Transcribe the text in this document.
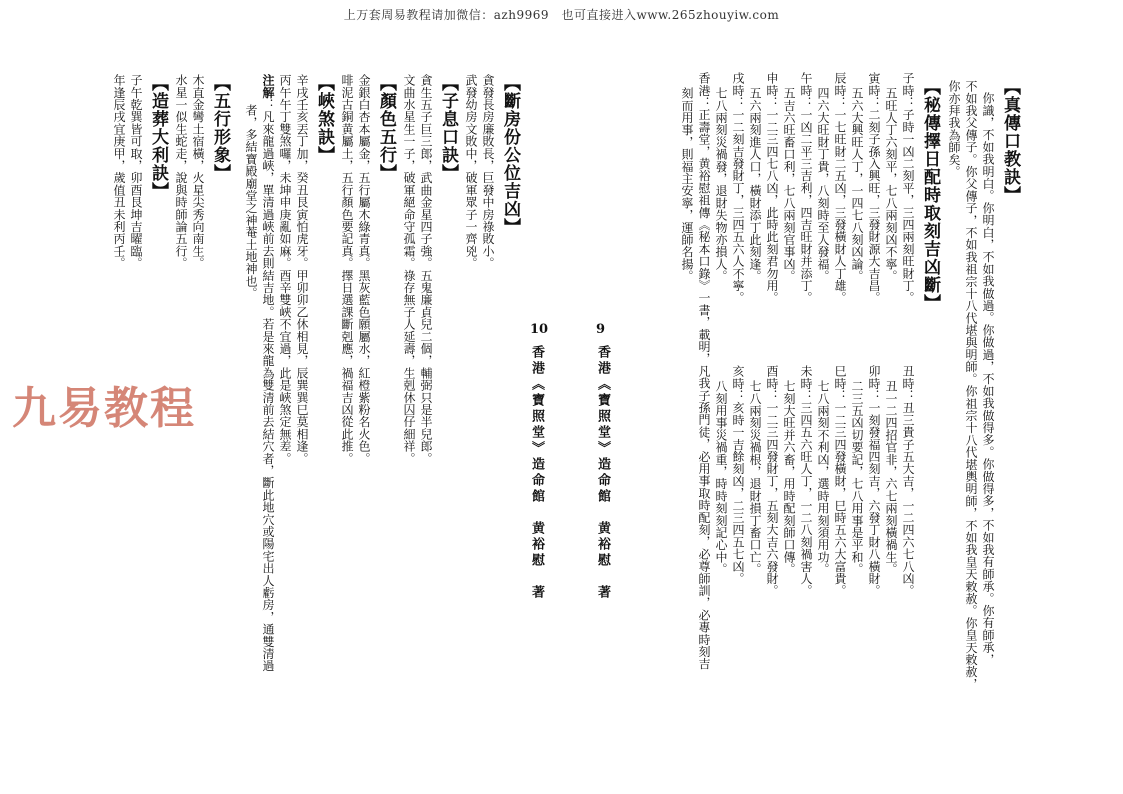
上万套周易教程请加微信：azh9969　也可直接进入www.265zhouyiw.com
【真傳口教訣】
你識，不如我明白。你明白，不如我做過。你做過，不如我做得多。你做得多，不如我有師承。你有師承，
不如我父傳子。你父傳子，不如我祖宗十八代堪與明師。你祖宗十八代堪輿明師，不如我皇天敕赦。你皇天敕赦，
你亦拜我為師矣。
【秘傳擇日配時取刻吉凶斷】
子時：子時一凶二刻平，三四兩刻旺財丁。
五旺人丁六刻平，七八兩刻凶不寧。
寅時：二刻子孫入興旺，三發財源大吉昌。
五六大興旺人丁，一四七八刻凶論。
辰時：一七旺財二五凶，三發橫財人丁雄。
四六大旺財丁貴，八刻時至人發福。
午時：一凶二平三吉利，四吉旺財并添丁。
五吉六旺畜口利，七八兩刻官事凶。
申時：一二三四七八凶，此時此刻君勿用。
五六兩刻進人口，橫財添丁此刻逢。
戌時：一二刻吉發財丁，三四五六人不寧。
七八兩刻災禍發，退財失物亦損人。
香港：正壽堂，黄裕慰祖傳《秘本口錄》一書，載明，凡我子孫門徒，必用事取時配刻，必尊師訓，必專時刻吉
刻而用事，則福主安寧，運師名揚。
丑時：丑三貴子五大吉，一二四六七八凶。
丑一二四招官非，六七兩刻橫禍生。
卯時：一刻發福四刻吉，六發丁財八橫財。
二三五凶切要記，七八用事是平和。
巳時：一二三四發橫財，巳時五六大富貴。
七八兩刻不利凶，選時用刻須用功。
未時：三四五六旺人丁，一二八刻禍害人。
七刻大旺并六畜，用時配刻師口傳。
酉時：一二三四發財丁，五刻大吉六發財。
七八兩刻災禍根，退財損丁畜口亡。
亥時：亥時一吉餘刻凶，二三四五七凶。
八刻用事災禍重，時時刻刻記心中。
9
香港《寶照堂》造命館　黄裕慰　著
10
香港《寶照堂》造命館　黄裕慰　著
【斷房份公位吉凶】
貪發長房廉敗長，巨發中房祿敗小。
武發幼房文敗中，破軍眾子一齊兇。
【子息口訣】
貪生五子巨三郎，武曲金星四子強。五鬼廉貞兒二個，輔弼只是半兒郎。
文曲水星生一子，破軍絕命守孤霜。祿存無子人延壽，生剋休囚仔細祥。
【顏色五行】
金銀白杏本屬金，五行屬木綠青真。黑灰藍色願屬水，紅橙紫粉名火色。
啡泥古銅黄屬土，五行顏色要記真。擇日選課斷剋應，禍福吉凶從此推。
【峽煞訣】
辛戌壬亥丟丁加，癸丑艮寅怕虎牙。甲卯卯乙休相見，辰巽巽巳莫相逢。
丙午午丁雙煞囉，未坤申庚亂如麻。酉辛雙峽不宜過，此是峽煞定無差。
注解：凡來龍過峽，單清過峽前去則結吉地。若是來龍為雙清前去結穴者，斷此地穴或陽宅出人虧房，通雙清過
者，多結寶殿廟堂之神菴土地神也。
【五行形象】
木直金彎土宿橫，火星尖秀向南生。
水星一似生蛇走，說與時師論五行。
【造葬大利訣】
子午乾巽皆可取，卯酉艮坤吉曜臨。
年逢辰戌宜庚甲，歲值丑未利丙壬。
九易教程
